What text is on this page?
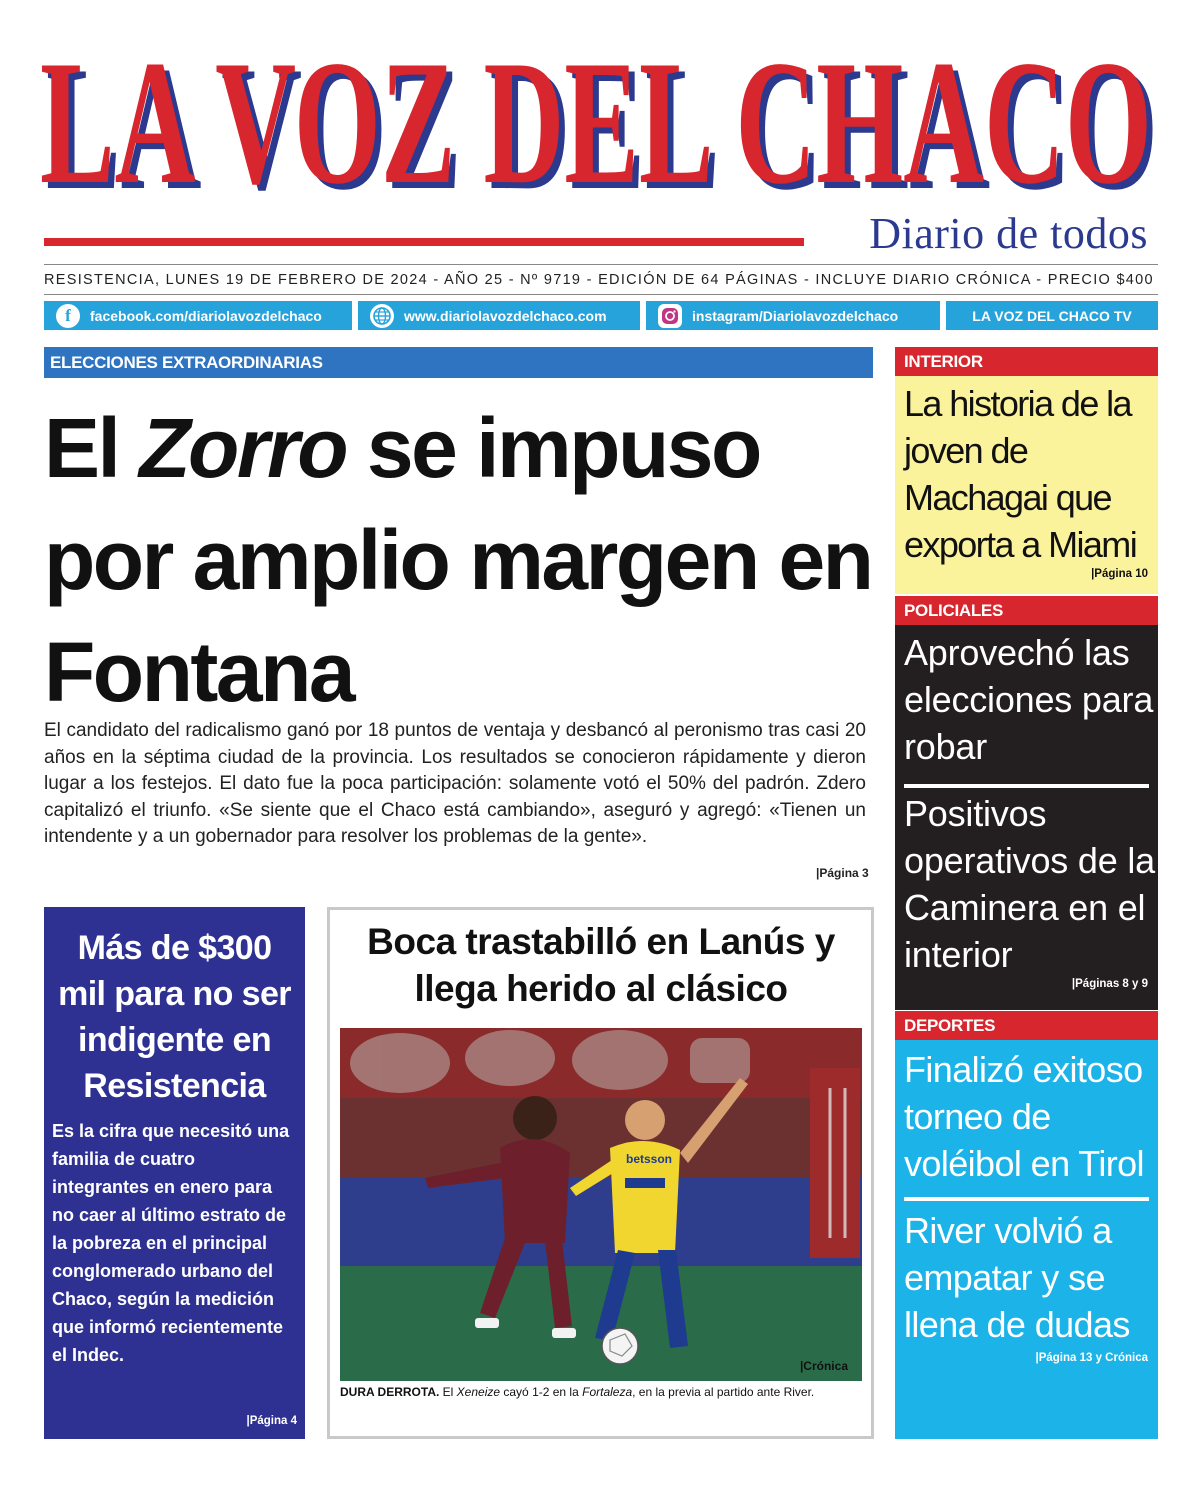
LA VOZ DEL CHACO
LA VOZ DEL CHACO
Diario de todos
RESISTENCIA, LUNES 19 DE FEBRERO DE 2024 - AÑO 25 - Nº 9719 - EDICIÓN DE 64 PÁGINAS - INCLUYE DIARIO CRÓNICA - PRECIO $400
f	facebook.com/diariolavozdelchaco	www.diariolavozdelchaco.com	instagram/Diariolavozdelchaco	LA VOZ DEL CHACO TV
ELECCIONES EXTRAORDINARIAS
El Zorro se impuso por amplio margen en Fontana
El candidato del radicalismo ganó por 18 puntos de ventaja y desbancó al peronismo tras casi 20 años en la séptima ciudad de la provincia. Los resultados se conocieron rápidamente y dieron lugar a los festejos. El dato fue la poca participación: solamente votó el 50% del padrón. Zdero capitalizó el triunfo. «Se siente que el Chaco está cambiando», aseguró y agregó: «Tienen un intendente y a un gobernador para resolver los problemas de la gente».
|Página 3
Más de $300 mil para no ser indigente en Resistencia
Es la cifra que necesitó una familia de cuatro integrantes en enero para no caer al último estrato de la pobreza en el principal conglomerado urbano del Chaco, según la medición que informó recientemente el Indec.
|Página 4
Boca trastabilló en Lanús y llega herido al clásico
betsson
|Crónica
DURA DERROTA. El Xeneize cayó 1-2 en la Fortaleza, en la previa al partido ante River.
INTERIOR
La historia de la joven de Machagai que exporta a Miami
|Página 10
POLICIALES
Aprovechó las elecciones para robar
Positivos operativos de la Caminera en el interior
|Páginas 8 y 9
DEPORTES
Finalizó exitoso torneo de voléibol en Tirol
River volvió a empatar y se llena de dudas
|Página 13 y Crónica
